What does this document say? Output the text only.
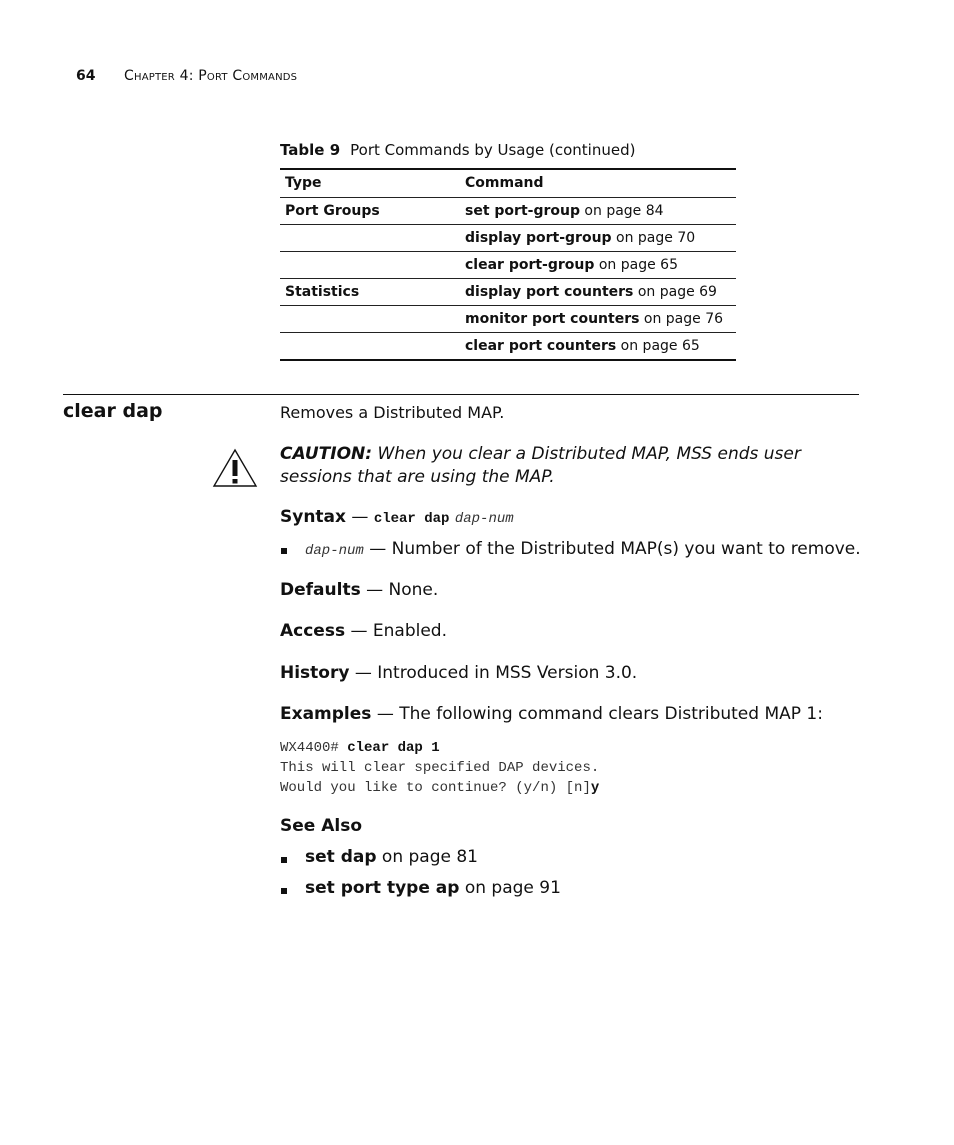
64 Chapter 4: Port Commands
Table 9 Port Commands by Usage (continued)
Type	Command
Port Groups	set port-group on page 84
	display port-group on page 70
	clear port-group on page 65
Statistics	display port counters on page 69
	monitor port counters on page 76
	clear port counters on page 65
clear dap	Removes a Distributed MAP.
CAUTION: When you clear a Distributed MAP, MSS ends user sessions that are using the MAP.
Syntax — clear dap dap-num
dap-num — Number of the Distributed MAP(s) you want to remove.
Defaults — None.
Access — Enabled.
History — Introduced in MSS Version 3.0.
Examples — The following command clears Distributed MAP 1:
WX4400# clear dap 1
This will clear specified DAP devices.
Would you like to continue? (y/n) [n]y
See Also
set dap on page 81
set port type ap on page 91
